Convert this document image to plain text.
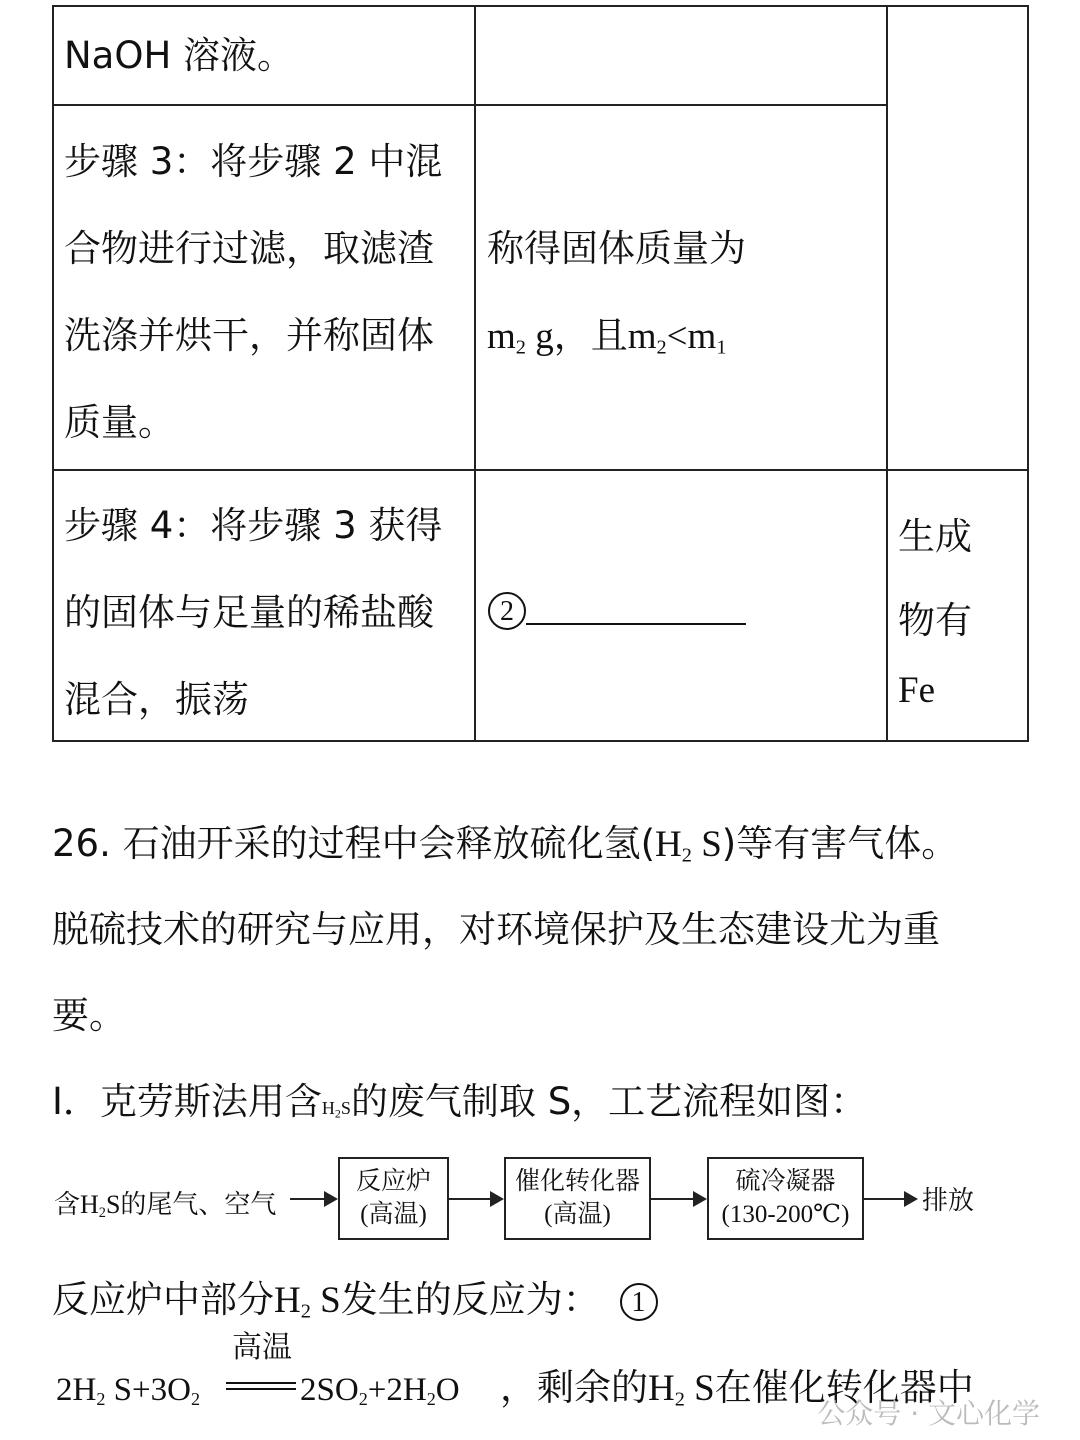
NaOH 溶液。
步骤 3：将步骤 2 中混
合物进行过滤，取滤渣
洗涤并烘干，并称固体
质量。
称得固体质量为
$m_2$ g，且$m_2<m_1$
步骤 4：将步骤 3 获得
的固体与足量的稀盐酸
混合，振荡
2
生成
物有
Fe
26. 石油开采的过程中会释放硫化氢($H_2$ S)等有害气体。
脱硫技术的研究与应用，对环境保护及生态建设尤为重
要。
I．克劳斯法用含$H_2S$的废气制取 S，工艺流程如图：
含$H_2S$的尾气、空气
反应炉
(高温)
催化转化器
(高温)
硫冷凝器
(130-200℃)	排放
反应炉中部分$H_2$ S发生的反应为： 1
$2H_2$ $S+3O_2$
高温
$2SO_2+2H_2O$ ，剩余的$H_2$ S在催化转化器中
公众号 · 文心化学
